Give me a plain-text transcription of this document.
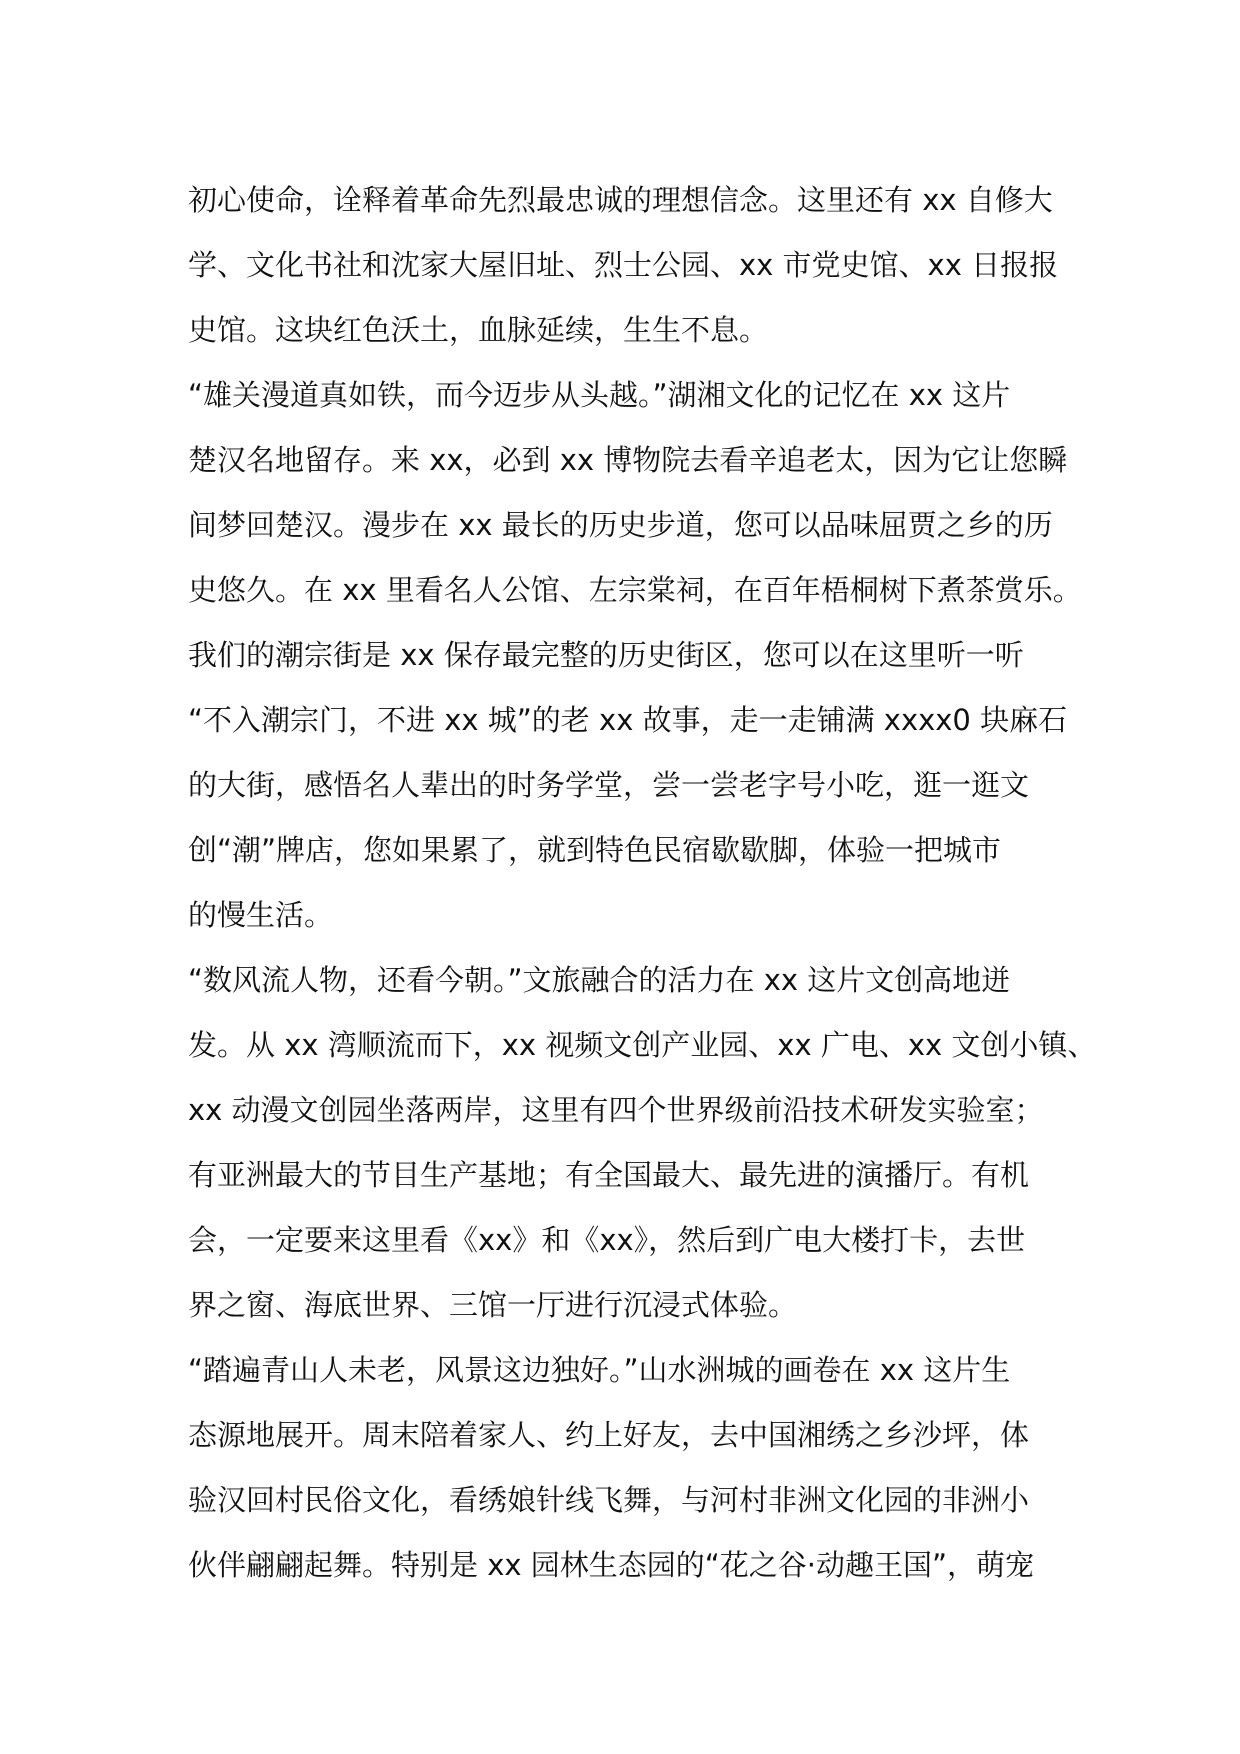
初心使命，诠释着革命先烈最忠诚的理想信念。这里还有 xx 自修大
学、文化书社和沈家大屋旧址、烈士公园、xx 市党史馆、xx 日报报
史馆。这块红色沃土，血脉延续，生生不息。
“雄关漫道真如铁，而今迈步从头越。”湖湘文化的记忆在 xx 这片
楚汉名地留存。来 xx，必到 xx 博物院去看辛追老太，因为它让您瞬
间梦回楚汉。漫步在 xx 最长的历史步道，您可以品味屈贾之乡的历
史悠久。在 xx 里看名人公馆、左宗棠祠，在百年梧桐树下煮茶赏乐。
我们的潮宗街是 xx 保存最完整的历史街区，您可以在这里听一听
“不入潮宗门，不进 xx 城”的老 xx 故事，走一走铺满 xxxx0 块麻石
的大街，感悟名人辈出的时务学堂，尝一尝老字号小吃，逛一逛文
创“潮”牌店，您如果累了，就到特色民宿歇歇脚，体验一把城市
的慢生活。
“数风流人物，还看今朝。”文旅融合的活力在 xx 这片文创高地迸
发。从 xx 湾顺流而下，xx 视频文创产业园、xx 广电、xx 文创小镇、
xx 动漫文创园坐落两岸，这里有四个世界级前沿技术研发实验室；
有亚洲最大的节目生产基地；有全国最大、最先进的演播厅。有机
会，一定要来这里看《xx》和《xx》，然后到广电大楼打卡，去世
界之窗、海底世界、三馆一厅进行沉浸式体验。
“踏遍青山人未老，风景这边独好。”山水洲城的画卷在 xx 这片生
态源地展开。周末陪着家人、约上好友，去中国湘绣之乡沙坪，体
验汉回村民俗文化，看绣娘针线飞舞，与河村非洲文化园的非洲小
伙伴翩翩起舞。特别是 xx 园林生态园的“花之谷·动趣王国”，萌宠
